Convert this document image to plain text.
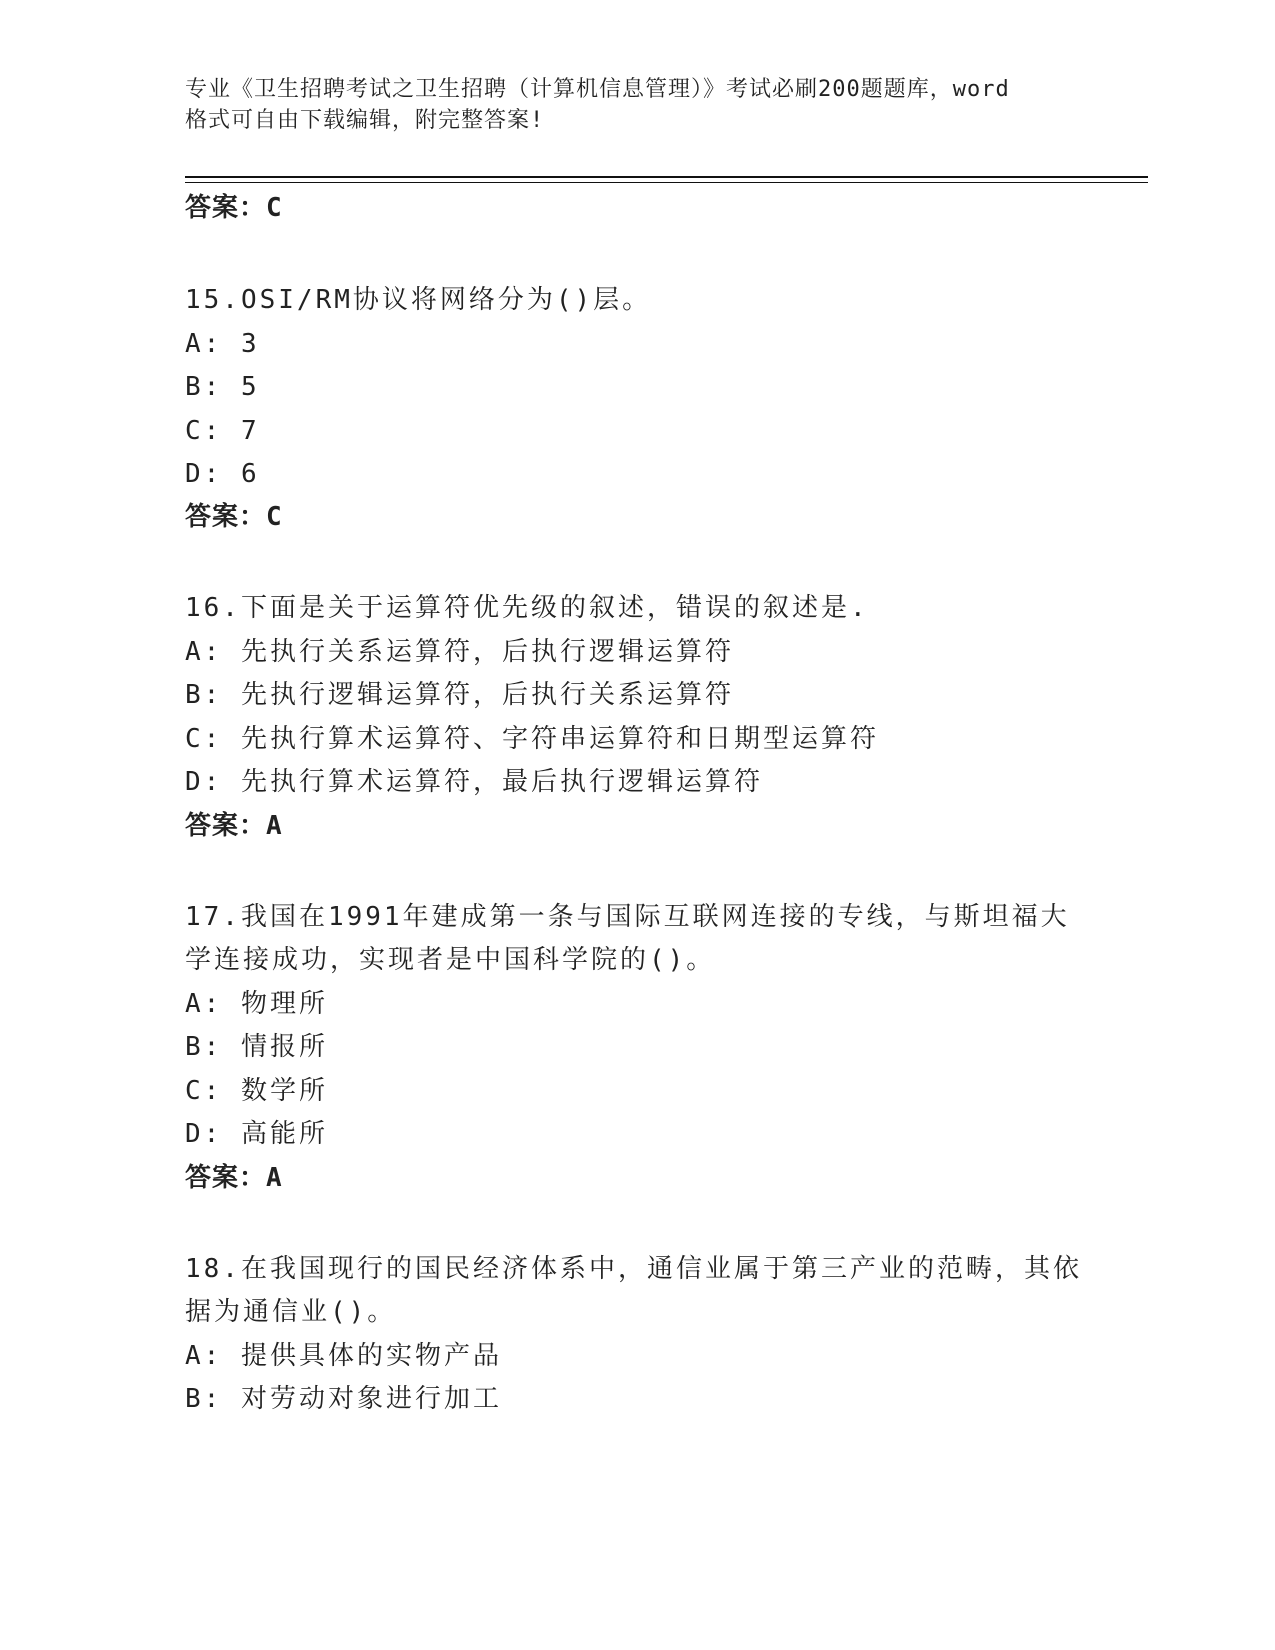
专业《卫生招聘考试之卫生招聘（计算机信息管理）》考试必刷200题题库，word
格式可自由下载编辑，附完整答案!
答案：C
15.OSI/RM协议将网络分为()层。
A: 3
B: 5
C: 7
D: 6
答案：C
16.下面是关于运算符优先级的叙述，错误的叙述是.
A: 先执行关系运算符，后执行逻辑运算符
B: 先执行逻辑运算符，后执行关系运算符
C: 先执行算术运算符、字符串运算符和日期型运算符
D: 先执行算术运算符，最后执行逻辑运算符
答案：A
17.我国在1991年建成第一条与国际互联网连接的专线，与斯坦福大
学连接成功，实现者是中国科学院的()。
A: 物理所
B: 情报所
C: 数学所
D: 高能所
答案：A
18.在我国现行的国民经济体系中，通信业属于第三产业的范畴，其依
据为通信业()。
A: 提供具体的实物产品
B: 对劳动对象进行加工
